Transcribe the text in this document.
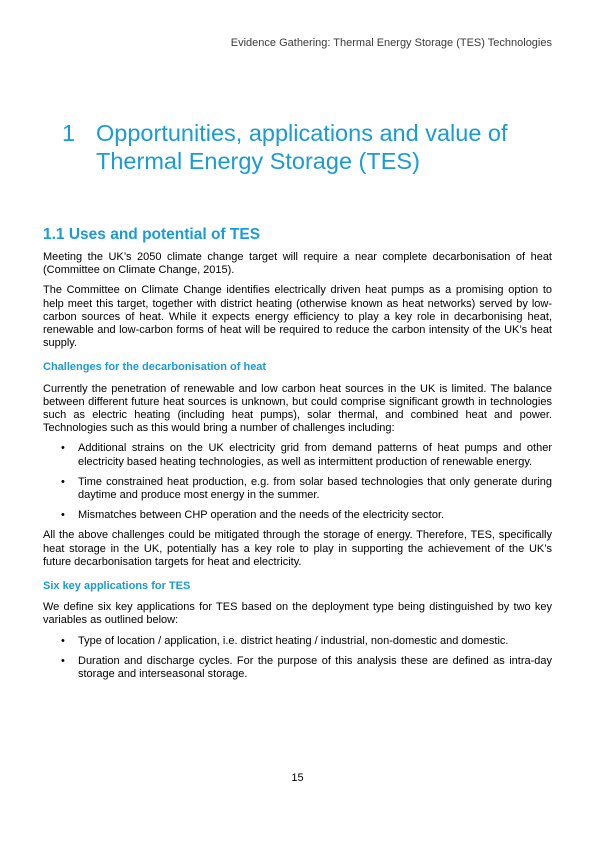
Evidence Gathering: Thermal Energy Storage (TES) Technologies
1 Opportunities, applications and value of Thermal Energy Storage (TES)
1.1 Uses and potential of TES

Meeting the UK’s 2050 climate change target will require a near complete decarbonisation of heat (Committee on Climate Change, 2015).

The Committee on Climate Change identifies electrically driven heat pumps as a promising option to help meet this target, together with district heating (otherwise known as heat networks) served by low-carbon sources of heat. While it expects energy efficiency to play a key role in decarbonising heat, renewable and low-carbon forms of heat will be required to reduce the carbon intensity of the UK’s heat supply.

Challenges for the decarbonisation of heat

Currently the penetration of renewable and low carbon heat sources in the UK is limited. The balance between different future heat sources is unknown, but could comprise significant growth in technologies such as electric heating (including heat pumps), solar thermal, and combined heat and power. Technologies such as this would bring a number of challenges including:

• Additional strains on the UK electricity grid from demand patterns of heat pumps and other electricity based heating technologies, as well as intermittent production of renewable energy.
• Time constrained heat production, e.g. from solar based technologies that only generate during daytime and produce most energy in the summer.
• Mismatches between CHP operation and the needs of the electricity sector.

All the above challenges could be mitigated through the storage of energy. Therefore, TES, specifically heat storage in the UK, potentially has a key role to play in supporting the achievement of the UK’s future decarbonisation targets for heat and electricity.

Six key applications for TES

We define six key applications for TES based on the deployment type being distinguished by two key variables as outlined below:

• Type of location / application, i.e. district heating / industrial, non-domestic and domestic.
• Duration and discharge cycles. For the purpose of this analysis these are defined as intra-day storage and interseasonal storage.
15
